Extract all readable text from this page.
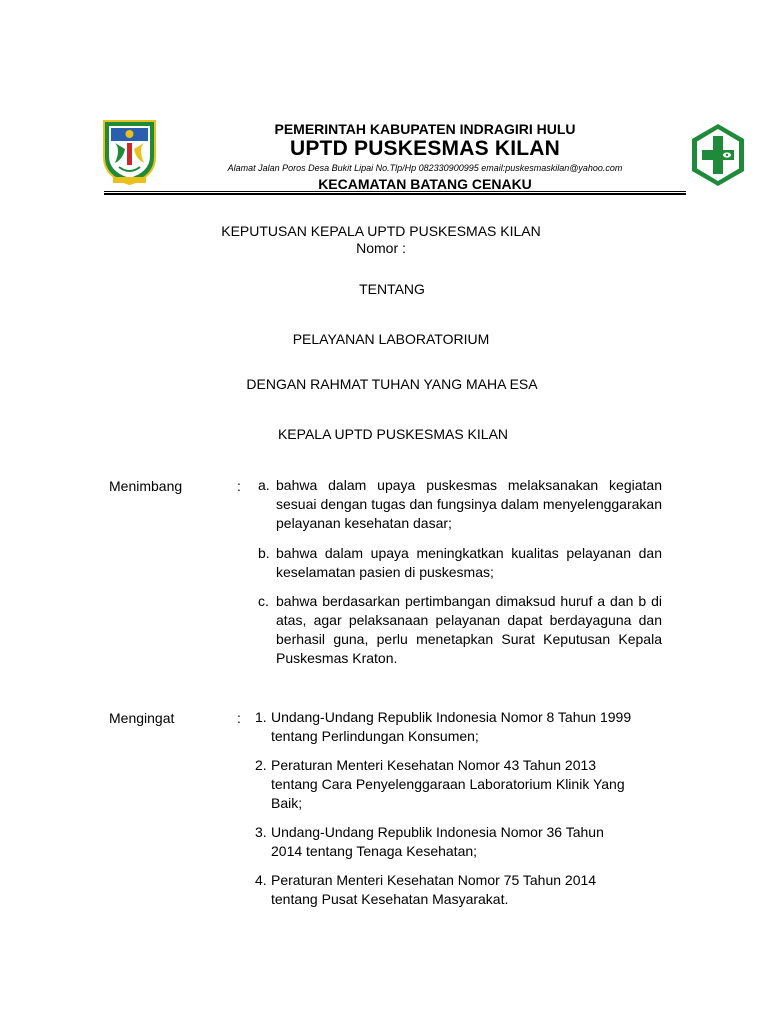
PEMERINTAH KABUPATEN INDRAGIRI HULU
UPTD PUSKESMAS KILAN
Alamat Jalan Poros Desa Bukit Lipai No.Tlp/Hp 082330900995 email:puskesmaskilan@yahoo.com
KECAMATAN BATANG CENAKU
KEPUTUSAN KEPALA UPTD PUSKESMAS KILAN
Nomor :
TENTANG
PELAYANAN LABORATORIUM
DENGAN RAHMAT TUHAN YANG MAHA ESA
KEPALA UPTD PUSKESMAS KILAN
Menimbang	: a. bahwa dalam upaya puskesmas melaksanakan kegiatan sesuai dengan tugas dan fungsinya dalam menyelenggarakan pelayanan kesehatan dasar;
b. bahwa dalam upaya meningkatkan kualitas pelayanan dan keselamatan pasien di puskesmas;
c. bahwa berdasarkan pertimbangan dimaksud huruf a dan b di atas, agar pelaksanaan pelayanan dapat berdayaguna dan berhasil guna, perlu menetapkan Surat Keputusan Kepala Puskesmas Kraton.
Mengingat	: 1. Undang-Undang Republik Indonesia Nomor 8 Tahun 1999 tentang Perlindungan Konsumen;
2. Peraturan Menteri Kesehatan Nomor 43 Tahun 2013 tentang Cara Penyelenggaraan Laboratorium Klinik Yang Baik;
3. Undang-Undang Republik Indonesia Nomor 36 Tahun 2014 tentang Tenaga Kesehatan;
4. Peraturan Menteri Kesehatan Nomor 75 Tahun 2014 tentang Pusat Kesehatan Masyarakat.
